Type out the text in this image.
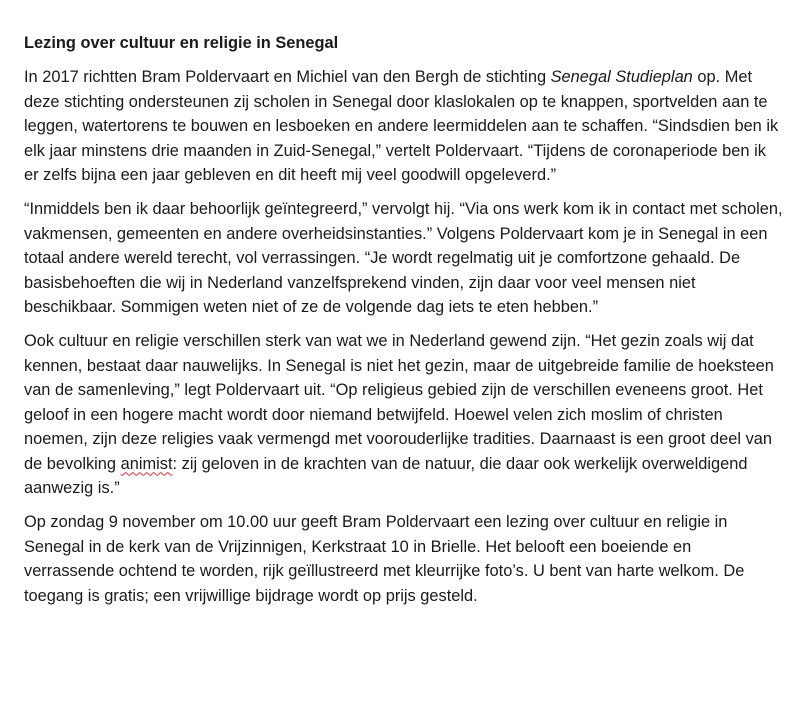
Lezing over cultuur en religie in Senegal

In 2017 richtten Bram Poldervaart en Michiel van den Bergh de stichting Senegal Studieplan op. Met deze stichting ondersteunen zij scholen in Senegal door klaslokalen op te knappen, sportvelden aan te leggen, watertorens te bouwen en lesboeken en andere leermiddelen aan te schaffen. “Sindsdien ben ik elk jaar minstens drie maanden in Zuid-Senegal,” vertelt Poldervaart. “Tijdens de coronaperiode ben ik er zelfs bijna een jaar gebleven en dit heeft mij veel goodwill opgeleverd.”

“Inmiddels ben ik daar behoorlijk geïntegreerd,” vervolgt hij. “Via ons werk kom ik in contact met scholen, vakmensen, gemeenten en andere overheidsinstanties.” Volgens Poldervaart kom je in Senegal in een totaal andere wereld terecht, vol verrassingen. “Je wordt regelmatig uit je comfortzone gehaald. De basisbehoeften die wij in Nederland vanzelfsprekend vinden, zijn daar voor veel mensen niet beschikbaar. Sommigen weten niet of ze de volgende dag iets te eten hebben.”

Ook cultuur en religie verschillen sterk van wat we in Nederland gewend zijn. “Het gezin zoals wij dat kennen, bestaat daar nauwelijks. In Senegal is niet het gezin, maar de uitgebreide familie de hoeksteen van de samenleving,” legt Poldervaart uit. “Op religieus gebied zijn de verschillen eveneens groot. Het geloof in een hogere macht wordt door niemand betwijfeld. Hoewel velen zich moslim of christen noemen, zijn deze religies vaak vermengd met voorouderlijke tradities. Daarnaast is een groot deel van de bevolking animist: zij geloven in de krachten van de natuur, die daar ook werkelijk overweldigend aanwezig is.”

Op zondag 9 november om 10.00 uur geeft Bram Poldervaart een lezing over cultuur en religie in Senegal in de kerk van de Vrijzinnigen, Kerkstraat 10 in Brielle. Het belooft een boeiende en verrassende ochtend te worden, rijk geïllustreerd met kleurrijke foto’s. U bent van harte welkom. De toegang is gratis; een vrijwillige bijdrage wordt op prijs gesteld.
